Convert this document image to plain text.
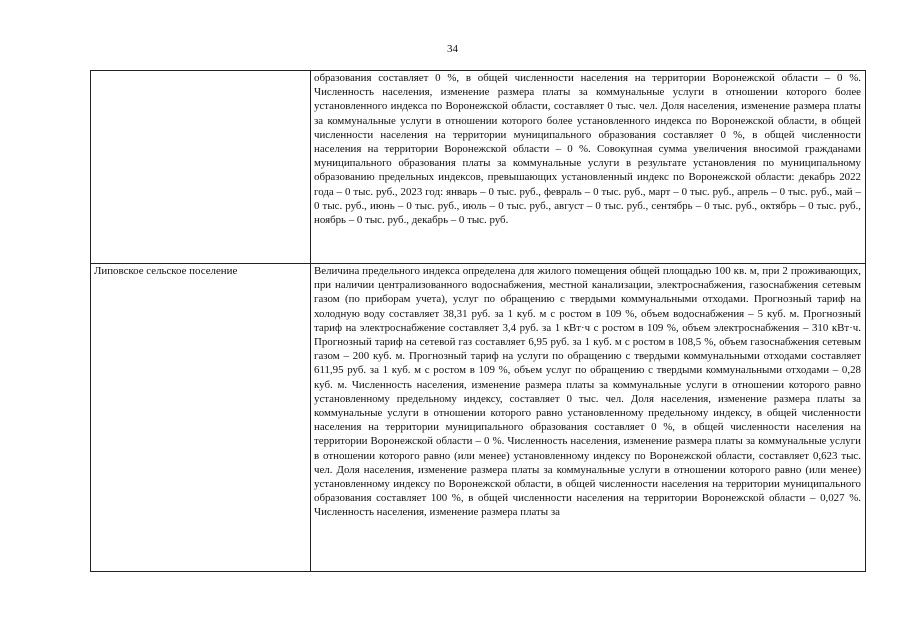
34
	образования составляет 0 %, в общей численности населения на территории Воронежской области – 0 %. Численность населения, изменение размера платы за коммунальные услуги в отношении которого более установленного индекса по Воронежской области, составляет 0 тыс. чел. Доля населения, изменение размера платы за коммунальные услуги в отношении которого более установленного индекса по Воронежской области, в общей численности населения на территории муниципального образования составляет 0 %, в общей численности населения на территории Воронежской области – 0 %. Совокупная сумма увеличения вносимой гражданами муниципального образования платы за коммунальные услуги в результате установления по муниципальному образованию предельных индексов, превышающих установленный индекс по Воронежской области: декабрь 2022 года – 0 тыс. руб., 2023 год: январь – 0 тыс. руб., февраль – 0 тыс. руб., март – 0 тыс. руб., апрель – 0 тыс. руб., май – 0 тыс. руб., июнь – 0 тыс. руб., июль – 0 тыс. руб., август – 0 тыс. руб., сентябрь – 0 тыс. руб., октябрь – 0 тыс. руб., ноябрь – 0 тыс. руб., декабрь – 0 тыс. руб.
Липовское сельское поселение	Величина предельного индекса определена для жилого помещения общей площадью 100 кв. м, при 2 проживающих, при наличии централизованного водоснабжения, местной канализации, электроснабжения, газоснабжения сетевым газом (по приборам учета), услуг по обращению с твердыми коммунальными отходами. Прогнозный тариф на холодную воду составляет 38,31 руб. за 1 куб. м с ростом в 109 %, объем водоснабжения – 5 куб. м. Прогнозный тариф на электроснабжение составляет 3,4 руб. за 1 кВт·ч с ростом в 109 %, объем электроснабжения – 310 кВт·ч. Прогнозный тариф на сетевой газ составляет 6,95 руб. за 1 куб. м с ростом в 108,5 %, объем газоснабжения сетевым газом – 200 куб. м. Прогнозный тариф на услуги по обращению с твердыми коммунальными отходами составляет 611,95 руб. за 1 куб. м с ростом в 109 %, объем услуг по обращению с твердыми коммунальными отходами – 0,28 куб. м. Численность населения, изменение размера платы за коммунальные услуги в отношении которого равно установленному предельному индексу, составляет 0 тыс. чел. Доля населения, изменение размера платы за коммунальные услуги в отношении которого равно установленному предельному индексу, в общей численности населения на территории муниципального образования составляет 0 %, в общей численности населения на территории Воронежской области – 0 %. Численность населения, изменение размера платы за коммунальные услуги в отношении которого равно (или менее) установленному индексу по Воронежской области, составляет 0,623 тыс. чел. Доля населения, изменение размера платы за коммунальные услуги в отношении которого равно (или менее) установленному индексу по Воронежской области, в общей численности населения на территории муниципального образования составляет 100 %, в общей численности населения на территории Воронежской области – 0,027 %. Численность населения, изменение размера платы за
